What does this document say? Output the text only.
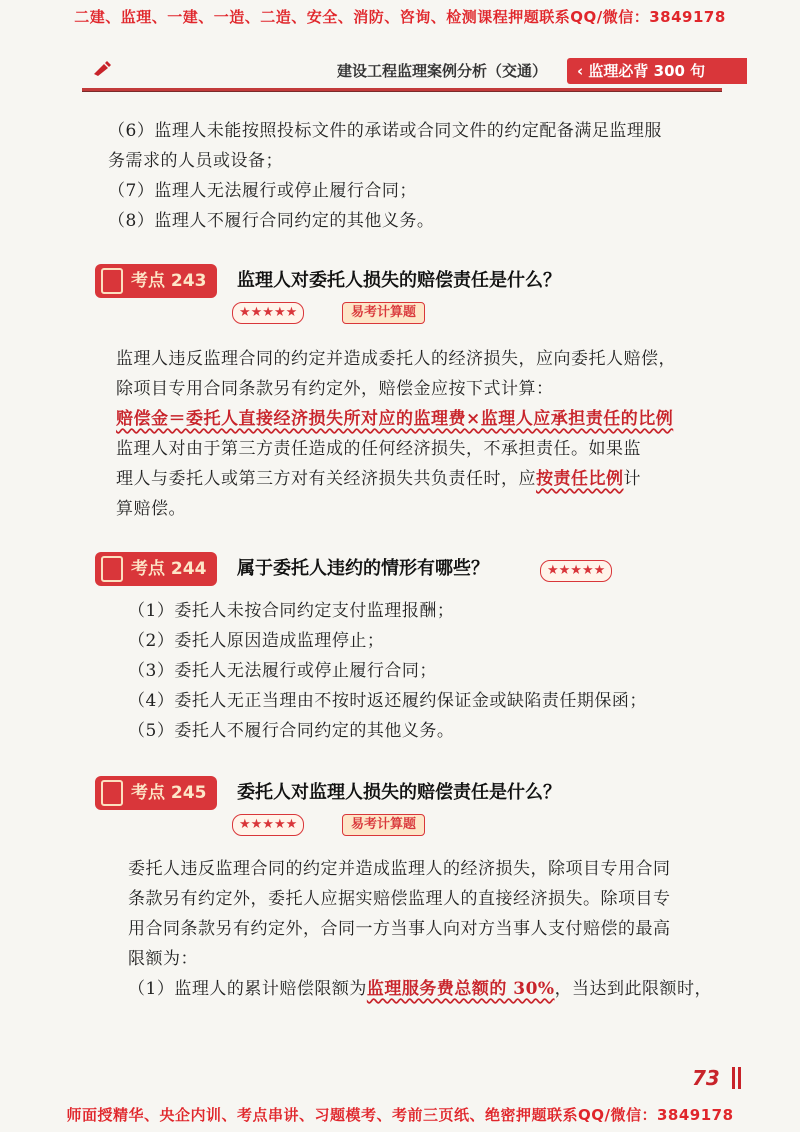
二建、监理、一建、一造、二造、安全、消防、咨询、检测课程押题联系QQ/微信：3849178
建设工程监理案例分析（交通）	‹ 监理必背 300 句
（6）监理人未能按照投标文件的承诺或合同文件的约定配备满足监理服
务需求的人员或设备；
（7）监理人无法履行或停止履行合同；
（8）监理人不履行合同约定的其他义务。
考点 243 监理人对委托人损失的赔偿责任是什么？
★★★★★	易考计算题
监理人违反监理合同的约定并造成委托人的经济损失，应向委托人赔偿，
除项目专用合同条款另有约定外，赔偿金应按下式计算：
赔偿金＝委托人直接经济损失所对应的监理费×监理人应承担责任的比例
监理人对由于第三方责任造成的任何经济损失，不承担责任。如果监
理人与委托人或第三方对有关经济损失共负责任时，应按责任比例计
算赔偿。
考点 244 属于委托人违约的情形有哪些？	★★★★★
（1）委托人未按合同约定支付监理报酬；
（2）委托人原因造成监理停止；
（3）委托人无法履行或停止履行合同；
（4）委托人无正当理由不按时返还履约保证金或缺陷责任期保函；
（5）委托人不履行合同约定的其他义务。
考点 245 委托人对监理人损失的赔偿责任是什么？
★★★★★	易考计算题
委托人违反监理合同的约定并造成监理人的经济损失，除项目专用合同
条款另有约定外，委托人应据实赔偿监理人的直接经济损失。除项目专
用合同条款另有约定外，合同一方当事人向对方当事人支付赔偿的最高
限额为：
（1）监理人的累计赔偿限额为监理服务费总额的 30%，当达到此限额时，
73
师面授精华、央企内训、考点串讲、习题模考、考前三页纸、绝密押题联系QQ/微信：3849178
